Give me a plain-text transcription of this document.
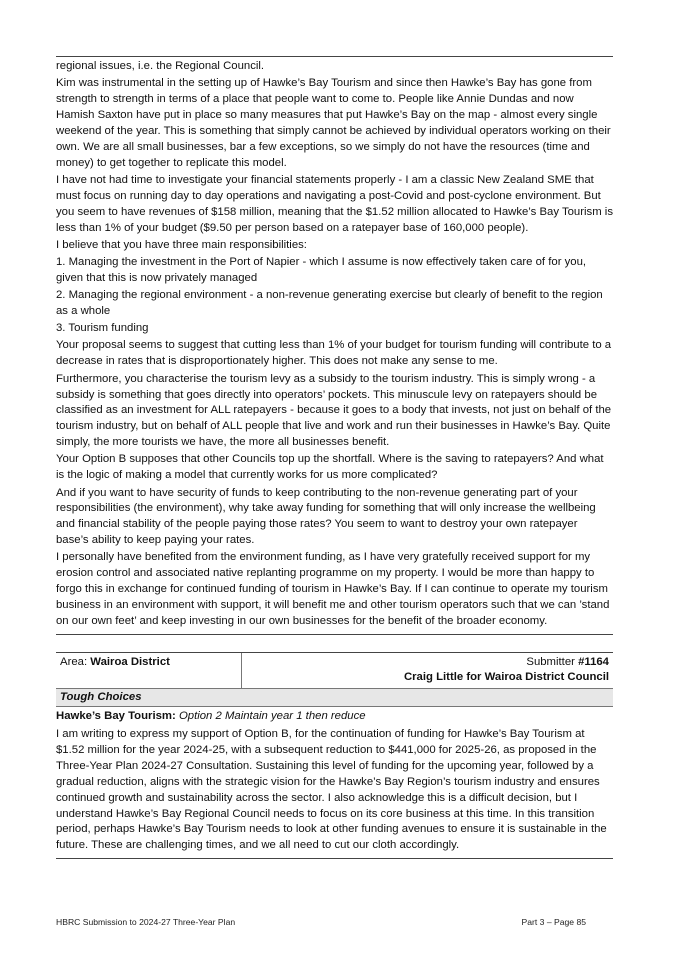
regional issues, i.e. the Regional Council.

Kim was instrumental in the setting up of Hawke’s Bay Tourism and since then Hawke’s Bay has gone from strength to strength in terms of a place that people want to come to. People like Annie Dundas and now Hamish Saxton have put in place so many measures that put Hawke’s Bay on the map - almost every single weekend of the year. This is something that simply cannot be achieved by individual operators working on their own. We are all small businesses, bar a few exceptions, so we simply do not have the resources (time and money) to get together to replicate this model.

I have not had time to investigate your financial statements properly - I am a classic New Zealand SME that must focus on running day to day operations and navigating a post-Covid and post-cyclone environment. But you seem to have revenues of $158 million, meaning that the $1.52 million allocated to Hawke’s Bay Tourism is less than 1% of your budget ($9.50 per person based on a ratepayer base of 160,000 people).

I believe that you have three main responsibilities:

1. Managing the investment in the Port of Napier - which I assume is now effectively taken care of for you, given that this is now privately managed

2. Managing the regional environment - a non-revenue generating exercise but clearly of benefit to the region as a whole

3. Tourism funding

Your proposal seems to suggest that cutting less than 1% of your budget for tourism funding will contribute to a decrease in rates that is disproportionately higher. This does not make any sense to me.

Furthermore, you characterise the tourism levy as a subsidy to the tourism industry. This is simply wrong - a subsidy is something that goes directly into operators’ pockets. This minuscule levy on ratepayers should be classified as an investment for ALL ratepayers - because it goes to a body that invests, not just on behalf of the tourism industry, but on behalf of ALL people that live and work and run their businesses in Hawke’s Bay. Quite simply, the more tourists we have, the more all businesses benefit.

Your Option B supposes that other Councils top up the shortfall. Where is the saving to ratepayers? And what is the logic of making a model that currently works for us more complicated?

And if you want to have security of funds to keep contributing to the non-revenue generating part of your responsibilities (the environment), why take away funding for something that will only increase the wellbeing and financial stability of the people paying those rates? You seem to want to destroy your own ratepayer base’s ability to keep paying your rates.

I personally have benefited from the environment funding, as I have very gratefully received support for my erosion control and associated native replanting programme on my property. I would be more than happy to forgo this in exchange for continued funding of tourism in Hawke’s Bay. If I can continue to operate my tourism business in an environment with support, it will benefit me and other tourism operators such that we can ’stand on our own feet’ and keep investing in our own businesses for the benefit of the broader economy.

Area: Wairoa District	Submitter #1164
Craig Little for Wairoa District Council
Tough Choices
Hawke’s Bay Tourism: Option 2 Maintain year 1 then reduce

I am writing to express my support of Option B, for the continuation of funding for Hawke’s Bay Tourism at $1.52 million for the year 2024-25, with a subsequent reduction to $441,000 for 2025-26, as proposed in the Three-Year Plan 2024-27 Consultation. Sustaining this level of funding for the upcoming year, followed by a gradual reduction, aligns with the strategic vision for the Hawke’s Bay Region’s tourism industry and ensures continued growth and sustainability across the sector. I also acknowledge this is a difficult decision, but I understand Hawke’s Bay Regional Council needs to focus on its core business at this time. In this transition period, perhaps Hawke’s Bay Tourism needs to look at other funding avenues to ensure it is sustainable in the future. These are challenging times, and we all need to cut our cloth accordingly.

HBRC Submission to 2024-27 Three-Year Plan	Part 3 – Page 85
